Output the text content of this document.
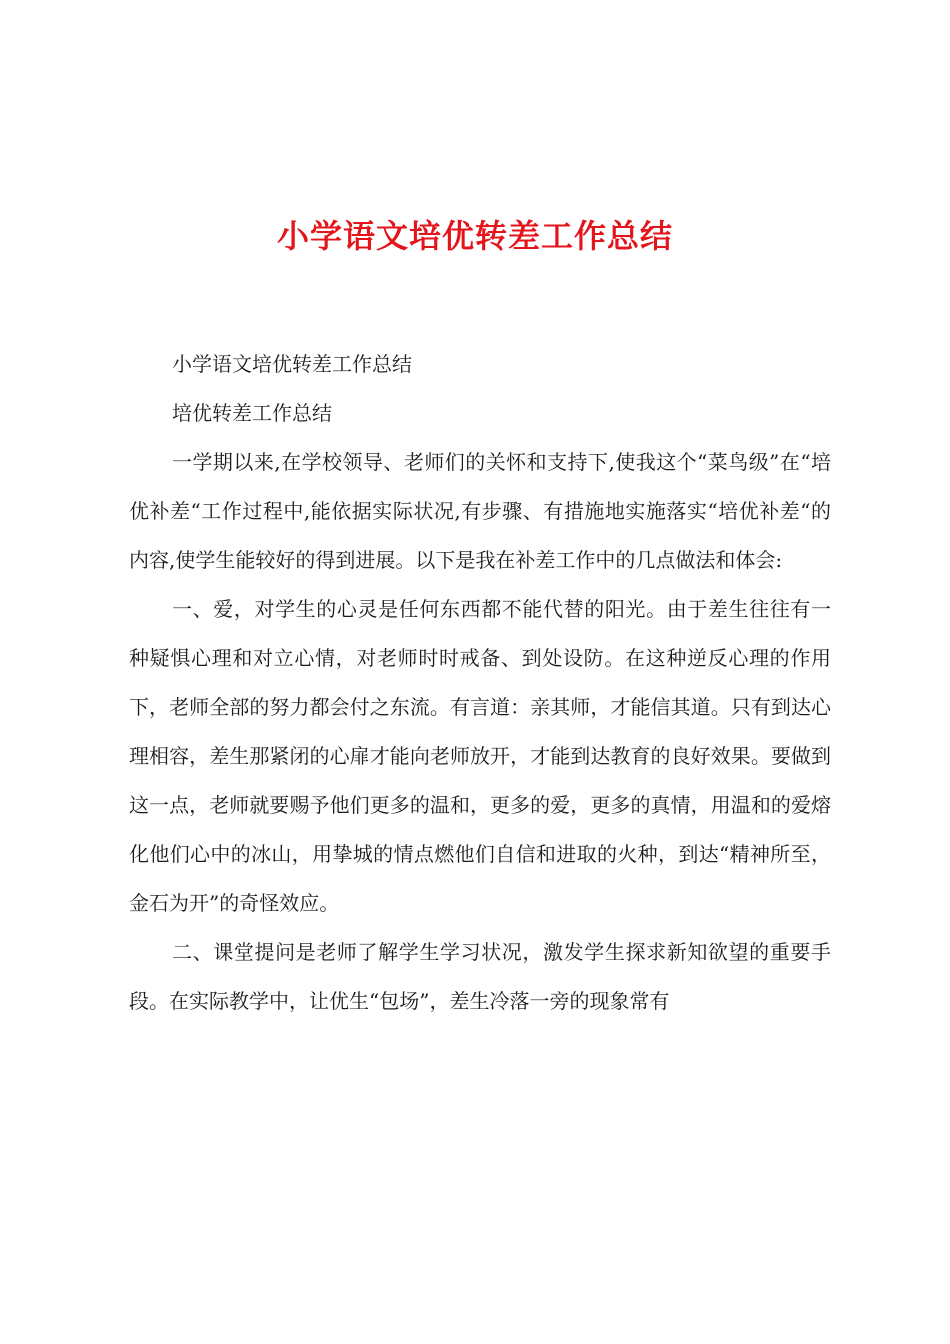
小学语文培优转差工作总结

小学语文培优转差工作总结

培优转差工作总结

一学期以来,在学校领导、老师们的关怀和支持下,使我这个“菜鸟级”在“培优补差“工作过程中,能依据实际状况,有步骤、有措施地实施落实“培优补差“的内容,使学生能较好的得到进展。以下是我在补差工作中的几点做法和体会:

一、爱，对学生的心灵是任何东西都不能代替的阳光。由于差生往往有一种疑惧心理和对立心情，对老师时时戒备、到处设防。在这种逆反心理的作用下，老师全部的努力都会付之东流。有言道：亲其师，才能信其道。只有到达心理相容，差生那紧闭的心扉才能向老师放开，才能到达教育的良好效果。要做到这一点，老师就要赐予他们更多的温和，更多的爱，更多的真情，用温和的爱熔化他们心中的冰山，用挚城的情点燃他们自信和进取的火种，到达“精神所至，金石为开”的奇怪效应。

二、课堂提问是老师了解学生学习状况，激发学生探求新知欲望的重要手段。在实际教学中，让优生“包场”，差生冷落一旁的现象常有
